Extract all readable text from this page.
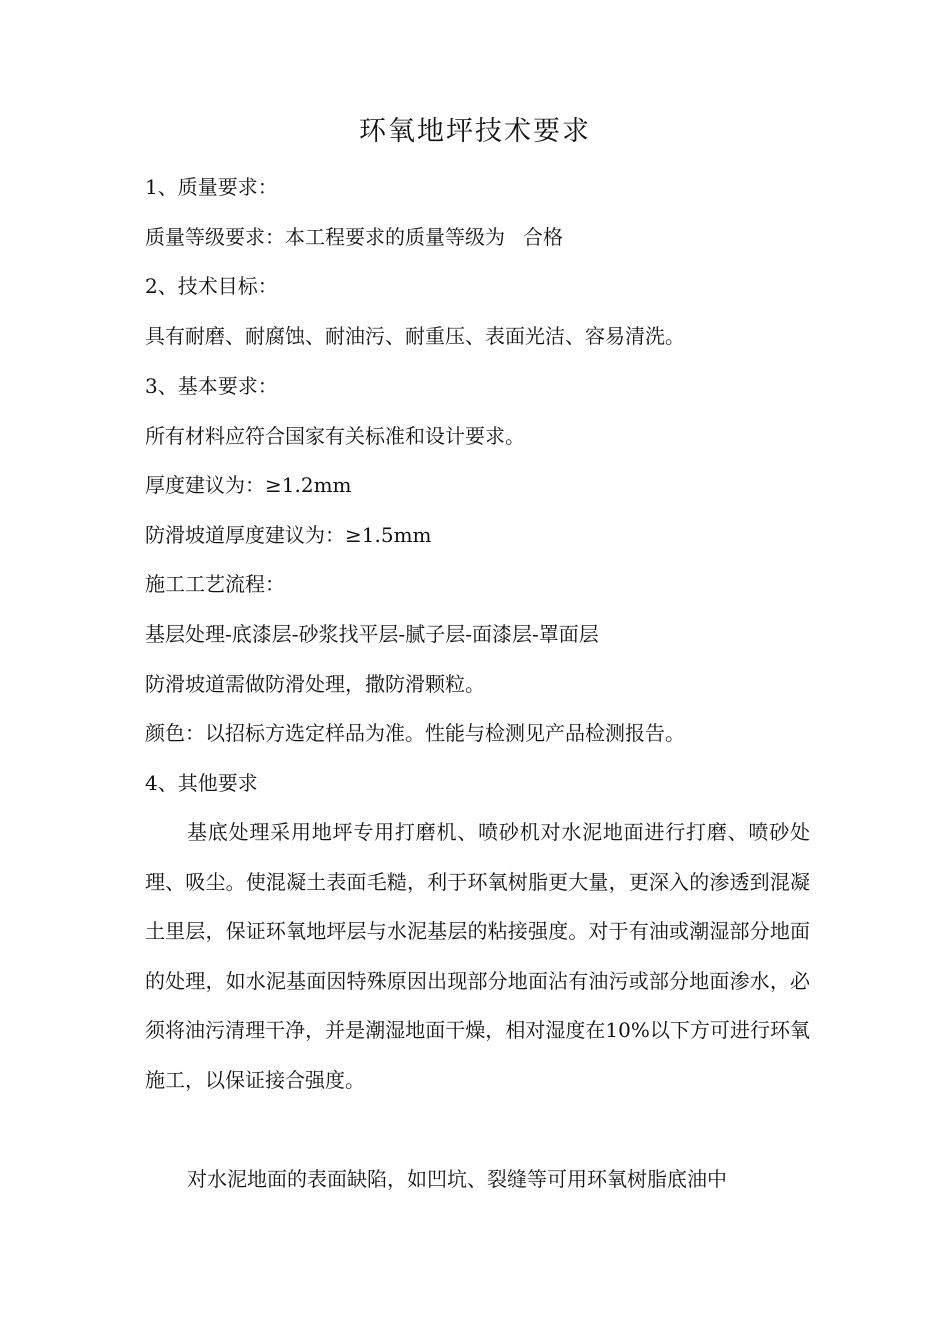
环氧地坪技术要求

1、质量要求：

质量等级要求：本工程要求的质量等级为 合格

2、技术目标：

具有耐磨、耐腐蚀、耐油污、耐重压、表面光洁、容易清洗。

3、基本要求：

所有材料应符合国家有关标准和设计要求。

厚度建议为：≥1.2mm

防滑坡道厚度建议为：≥1.5mm

施工工艺流程：

基层处理-底漆层-砂浆找平层-腻子层-面漆层-罩面层

防滑坡道需做防滑处理，撒防滑颗粒。

颜色：以招标方选定样品为准。性能与检测见产品检测报告。

4、其他要求

基底处理采用地坪专用打磨机、喷砂机对水泥地面进行打磨、喷砂处理、吸尘。使混凝土表面毛糙，利于环氧树脂更大量，更深入的渗透到混凝土里层，保证环氧地坪层与水泥基层的粘接强度。对于有油或潮湿部分地面的处理，如水泥基面因特殊原因出现部分地面沾有油污或部分地面渗水，必须将油污清理干净，并是潮湿地面干燥，相对湿度在10%以下方可进行环氧施工，以保证接合强度。

对水泥地面的表面缺陷，如凹坑、裂缝等可用环氧树脂底油中
